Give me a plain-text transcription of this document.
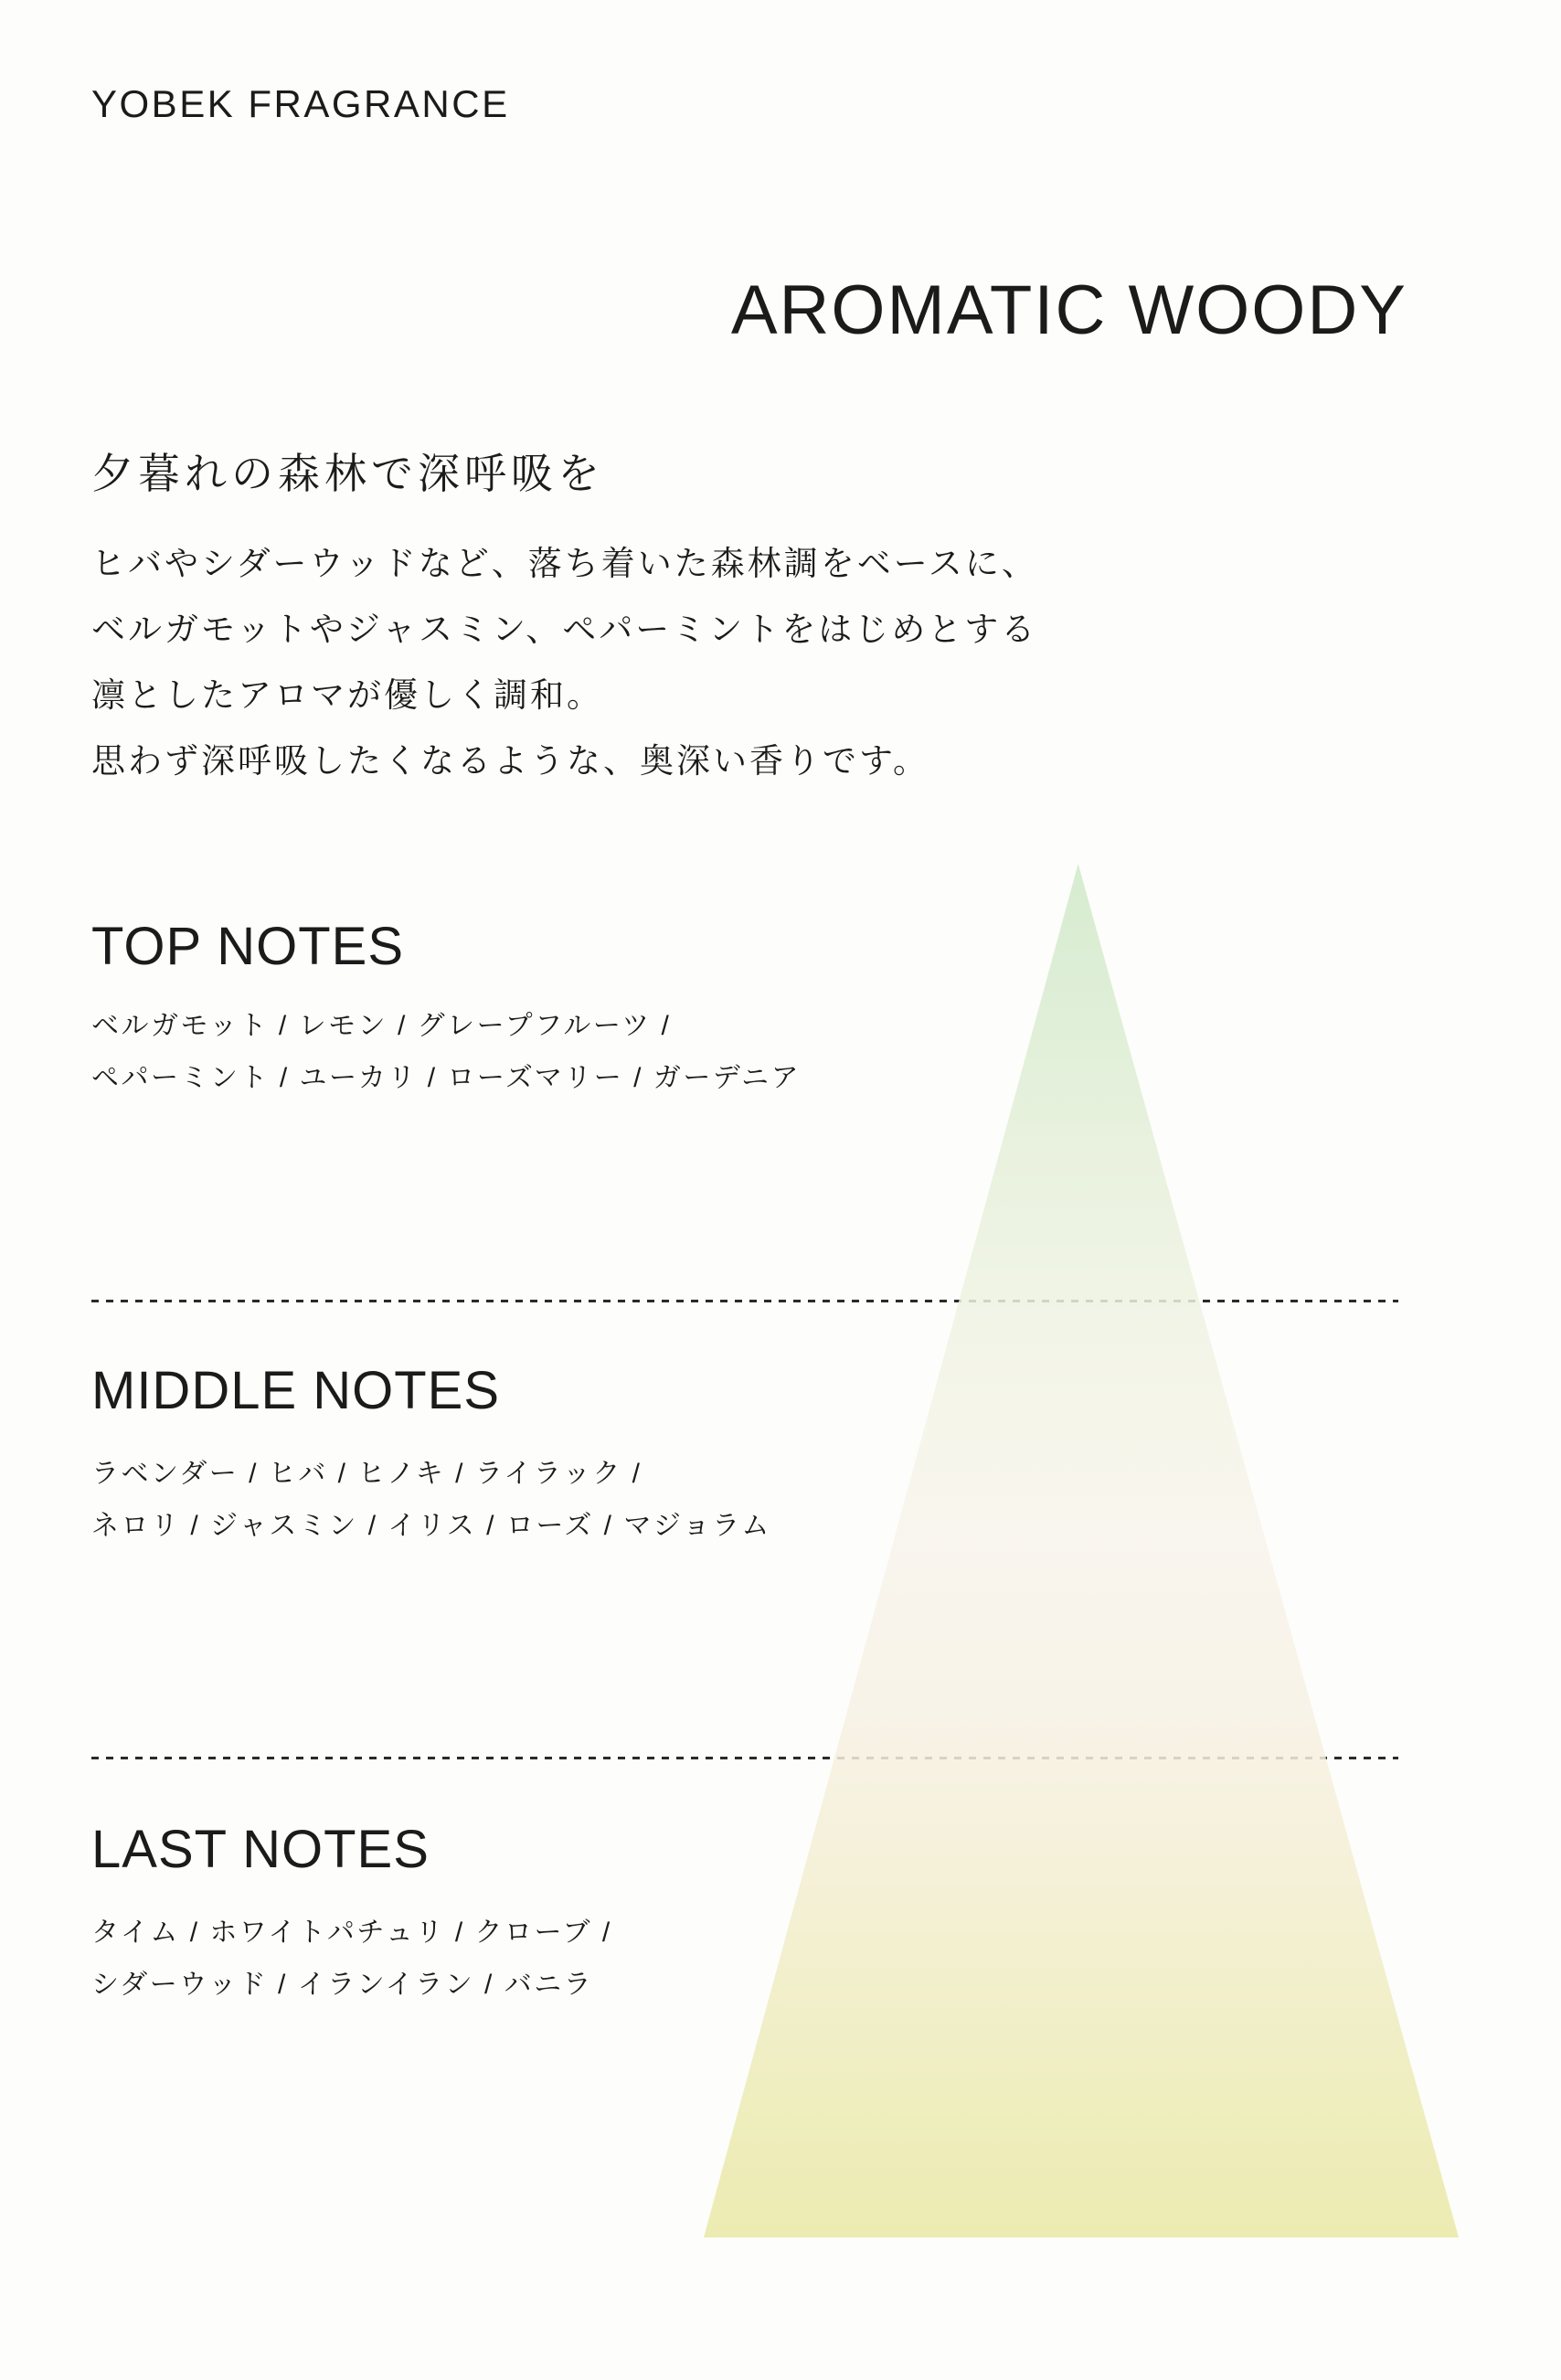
YOBEK FRAGRANCE
AROMATIC WOODY
夕暮れの森林で深呼吸を
ヒバやシダーウッドなど、落ち着いた森林調をベースに、
ベルガモットやジャスミン、ペパーミントをはじめとする
凛としたアロマが優しく調和。
思わず深呼吸したくなるような、奥深い香りです。
TOP NOTES
ベルガモット / レモン / グレープフルーツ /
ペパーミント / ユーカリ / ローズマリー / ガーデニア
MIDDLE NOTES
ラベンダー / ヒバ / ヒノキ / ライラック /
ネロリ / ジャスミン / イリス / ローズ / マジョラム
LAST NOTES
タイム / ホワイトパチュリ / クローブ /
シダーウッド / イランイラン / バニラ
